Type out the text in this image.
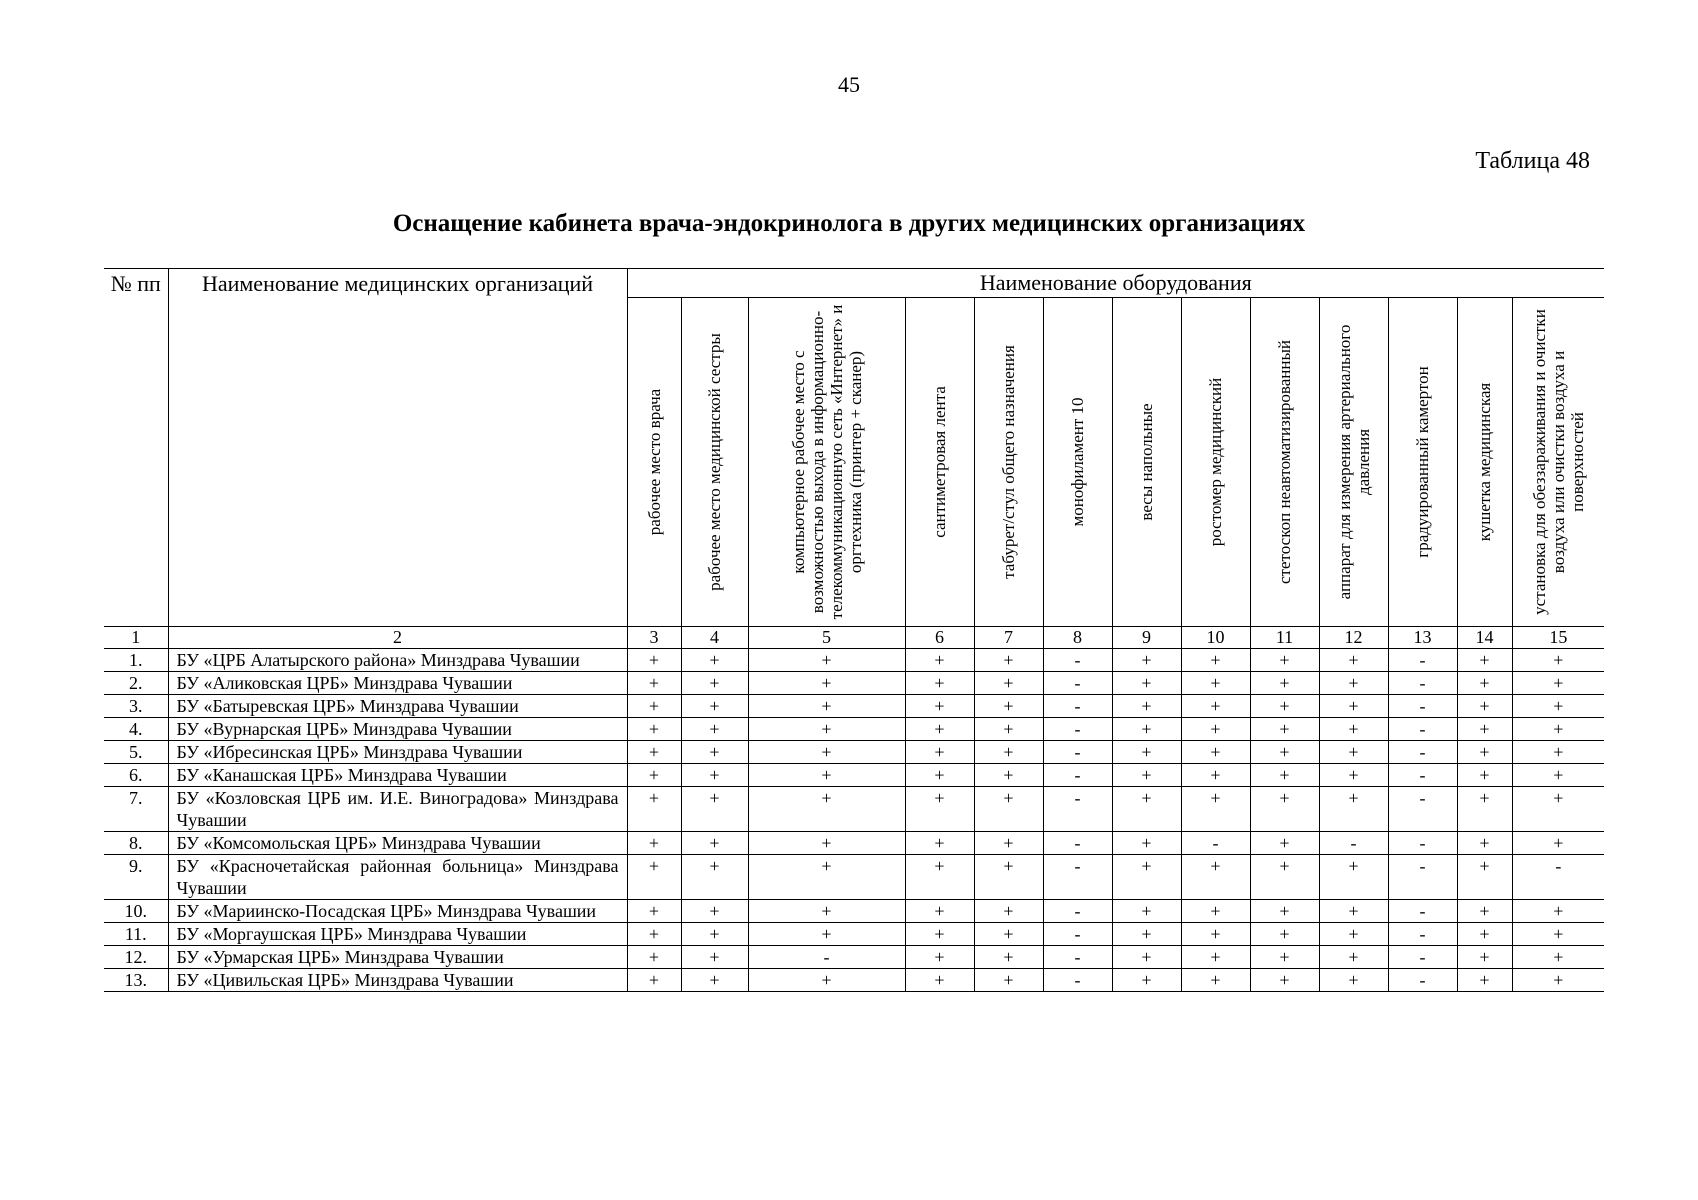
45
Таблица 48
Оснащение кабинета врача-эндокринолога в других медицинских организациях
№ пп	Наименование медицинских организаций	Наименование оборудования												

		рабочее место врача	рабочее место медицинской сестры	компьютерное рабочее место с возможностью выхода в информационно-телекоммуникационную сеть «Интернет» и оргтехника (принтер + сканер)	сантиметровая лента	табурет/стул общего назначения	монофиламент 10	весы напольные	ростомер медицинский	стетоскоп неавтоматизированный	аппарат для измерения артериального давления	градуированный камертон	кушетка медицинская	установка для обеззараживания и очистки воздуха или очистки воздуха и поверхностей

1	2	3	4	5	6	7	8	9	10	11	12	13	14	15
1.	БУ «ЦРБ Алатырского района» Минздрава Чувашии	+	+	+	+	+	-	+	+	+	+	-	+	+
2.	БУ «Аликовская ЦРБ» Минздрава Чувашии	+	+	+	+	+	-	+	+	+	+	-	+	+
3.	БУ «Батыревская ЦРБ» Минздрава Чувашии	+	+	+	+	+	-	+	+	+	+	-	+	+
4.	БУ «Вурнарская ЦРБ» Минздрава Чувашии	+	+	+	+	+	-	+	+	+	+	-	+	+
5.	БУ «Ибресинская ЦРБ» Минздрава Чувашии	+	+	+	+	+	-	+	+	+	+	-	+	+
6.	БУ «Канашская ЦРБ» Минздрава Чувашии	+	+	+	+	+	-	+	+	+	+	-	+	+
7.	БУ «Козловская ЦРБ им. И.Е. Виноградова» Минздрава Чувашии	+	+	+	+	+	-	+	+	+	+	-	+	+
8.	БУ «Комсомольская ЦРБ» Минздрава Чувашии	+	+	+	+	+	-	+	-	+	-	-	+	+
9.	БУ «Красночетайская районная больница» Минздрава Чувашии	+	+	+	+	+	-	+	+	+	+	-	+	-
10.	БУ «Мариинско-Посадская ЦРБ» Минздрава Чувашии	+	+	+	+	+	-	+	+	+	+	-	+	+
11.	БУ «Моргаушская ЦРБ» Минздрава Чувашии	+	+	+	+	+	-	+	+	+	+	-	+	+
12.	БУ «Урмарская ЦРБ» Минздрава Чувашии	+	+	-	+	+	-	+	+	+	+	-	+	+
13.	БУ «Цивильская ЦРБ» Минздрава Чувашии	+	+	+	+	+	-	+	+	+	+	-	+	+
